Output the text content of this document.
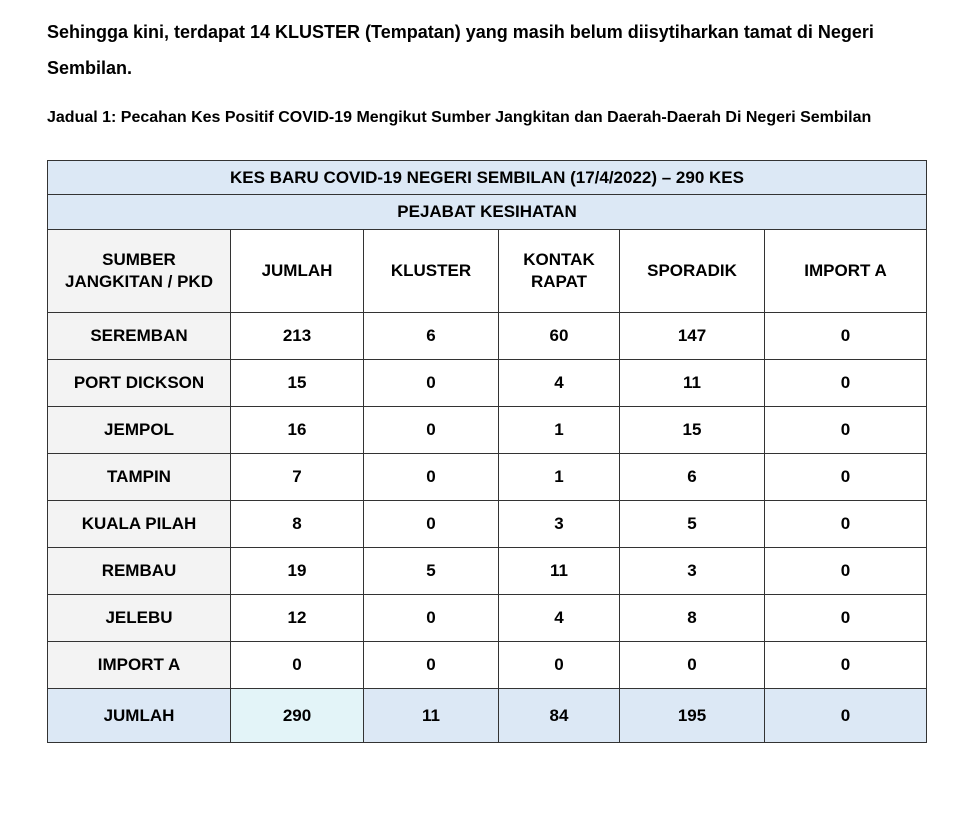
Sehingga kini, terdapat 14 KLUSTER (Tempatan) yang masih belum diisytiharkan tamat di Negeri Sembilan.

Jadual 1: Pecahan Kes Positif COVID-19 Mengikut Sumber Jangkitan dan Daerah-Daerah Di Negeri Sembilan

KES BARU COVID-19 NEGERI SEMBILAN (17/4/2022) – 290 KES					
PEJABAT KESIHATAN					
SUMBER JANGKITAN / PKD	JUMLAH	KLUSTER	KONTAK RAPAT	SPORADIK	IMPORT A
SEREMBAN	213	6	60	147	0
PORT DICKSON	15	0	4	11	0
JEMPOL	16	0	1	15	0
TAMPIN	7	0	1	6	0
KUALA PILAH	8	0	3	5	0
REMBAU	19	5	11	3	0
JELEBU	12	0	4	8	0
IMPORT A	0	0	0	0	0
JUMLAH	290	11	84	195	0
